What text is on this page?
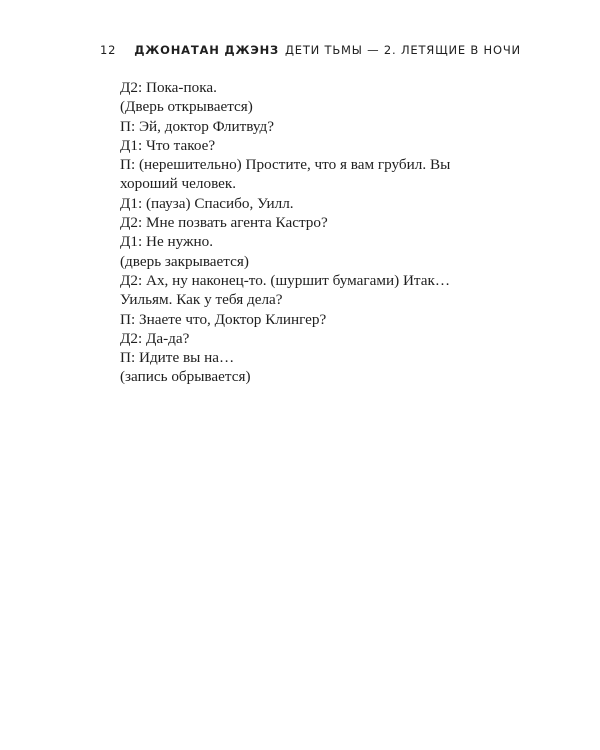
12 ДЖОНАТАН ДЖЭНЗ ДЕТИ ТЬМЫ — 2. ЛЕТЯЩИЕ В НОЧИ

Д2: Пока-пока.

(Дверь открывается)

П: Эй, доктор Флитвуд?

Д1: Что такое?

П: (нерешительно) Простите, что я вам грубил. Вы хороший человек.

Д1: (пауза) Спасибо, Уилл.

Д2: Мне позвать агента Кастро?

Д1: Не нужно.

(дверь закрывается)

Д2: Ах, ну наконец-то. (шуршит бумагами) Итак… Уильям. Как у тебя дела?

П: Знаете что, Доктор Клингер?

Д2: Да-да?

П: Идите вы на…

(запись обрывается)
